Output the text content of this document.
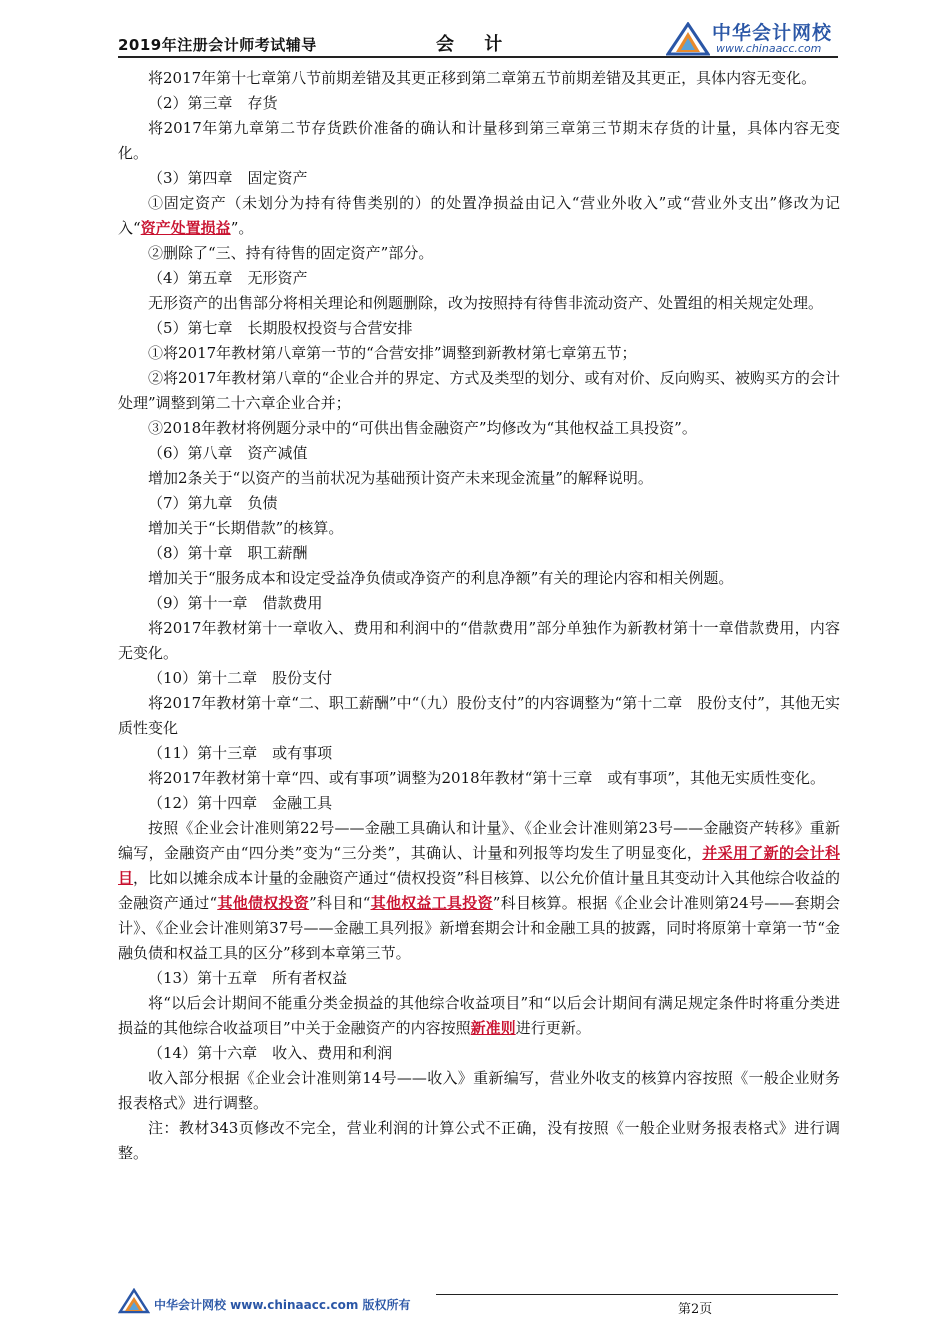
2019年注册会计师考试辅导	会 计
中华会计网校
www.chinaacc.com

将2017年第十七章第八节前期差错及其更正移到第二章第五节前期差错及其更正，具体内容无变化。

（2）第三章　存货

将2017年第九章第二节存货跌价准备的确认和计量移到第三章第三节期末存货的计量，具体内容无变化。

（3）第四章　固定资产

①固定资产（未划分为持有待售类别的）的处置净损益由记入“营业外收入”或“营业外支出”修改为记入“资产处置损益”。

②删除了“三、持有待售的固定资产”部分。

（4）第五章　无形资产

无形资产的出售部分将相关理论和例题删除，改为按照持有待售非流动资产、处置组的相关规定处理。

（5）第七章　长期股权投资与合营安排

①将2017年教材第八章第一节的“合营安排”调整到新教材第七章第五节；

②将2017年教材第八章的“企业合并的界定、方式及类型的划分、或有对价、反向购买、被购买方的会计处理”调整到第二十六章企业合并；

③2018年教材将例题分录中的“可供出售金融资产”均修改为“其他权益工具投资”。

（6）第八章　资产减值

增加2条关于“以资产的当前状况为基础预计资产未来现金流量”的解释说明。

（7）第九章　负债

增加关于“长期借款”的核算。

（8）第十章　职工薪酬

增加关于“服务成本和设定受益净负债或净资产的利息净额”有关的理论内容和相关例题。

（9）第十一章　借款费用

将2017年教材第十一章收入、费用和利润中的“借款费用”部分单独作为新教材第十一章借款费用，内容无变化。

（10）第十二章　股份支付

将2017年教材第十章“二、职工薪酬”中“（九）股份支付”的内容调整为“第十二章　股份支付”，其他无实质性变化

（11）第十三章　或有事项

将2017年教材第十章“四、或有事项”调整为2018年教材“第十三章　或有事项”，其他无实质性变化。

（12）第十四章　金融工具

按照《企业会计准则第22号——金融工具确认和计量》、《企业会计准则第23号——金融资产转移》重新编写，金融资产由“四分类”变为“三分类”，其确认、计量和列报等均发生了明显变化，并采用了新的会计科目，比如以摊余成本计量的金融资产通过“债权投资”科目核算、以公允价值计量且其变动计入其他综合收益的金融资产通过“其他债权投资”科目和“其他权益工具投资”科目核算。根据《企业会计准则第24号——套期会计》、《企业会计准则第37号——金融工具列报》新增套期会计和金融工具的披露，同时将原第十章第一节“金融负债和权益工具的区分”移到本章第三节。

（13）第十五章　所有者权益

将“以后会计期间不能重分类金损益的其他综合收益项目”和“以后会计期间有满足规定条件时将重分类进损益的其他综合收益项目”中关于金融资产的内容按照新准则进行更新。

（14）第十六章　收入、费用和利润

收入部分根据《企业会计准则第14号——收入》重新编写，营业外收支的核算内容按照《一般企业财务报表格式》进行调整。

注：教材343页修改不完全，营业利润的计算公式不正确，没有按照《一般企业财务报表格式》进行调整。

中华会计网校 www.chinaacc.com 版权所有	第2页
